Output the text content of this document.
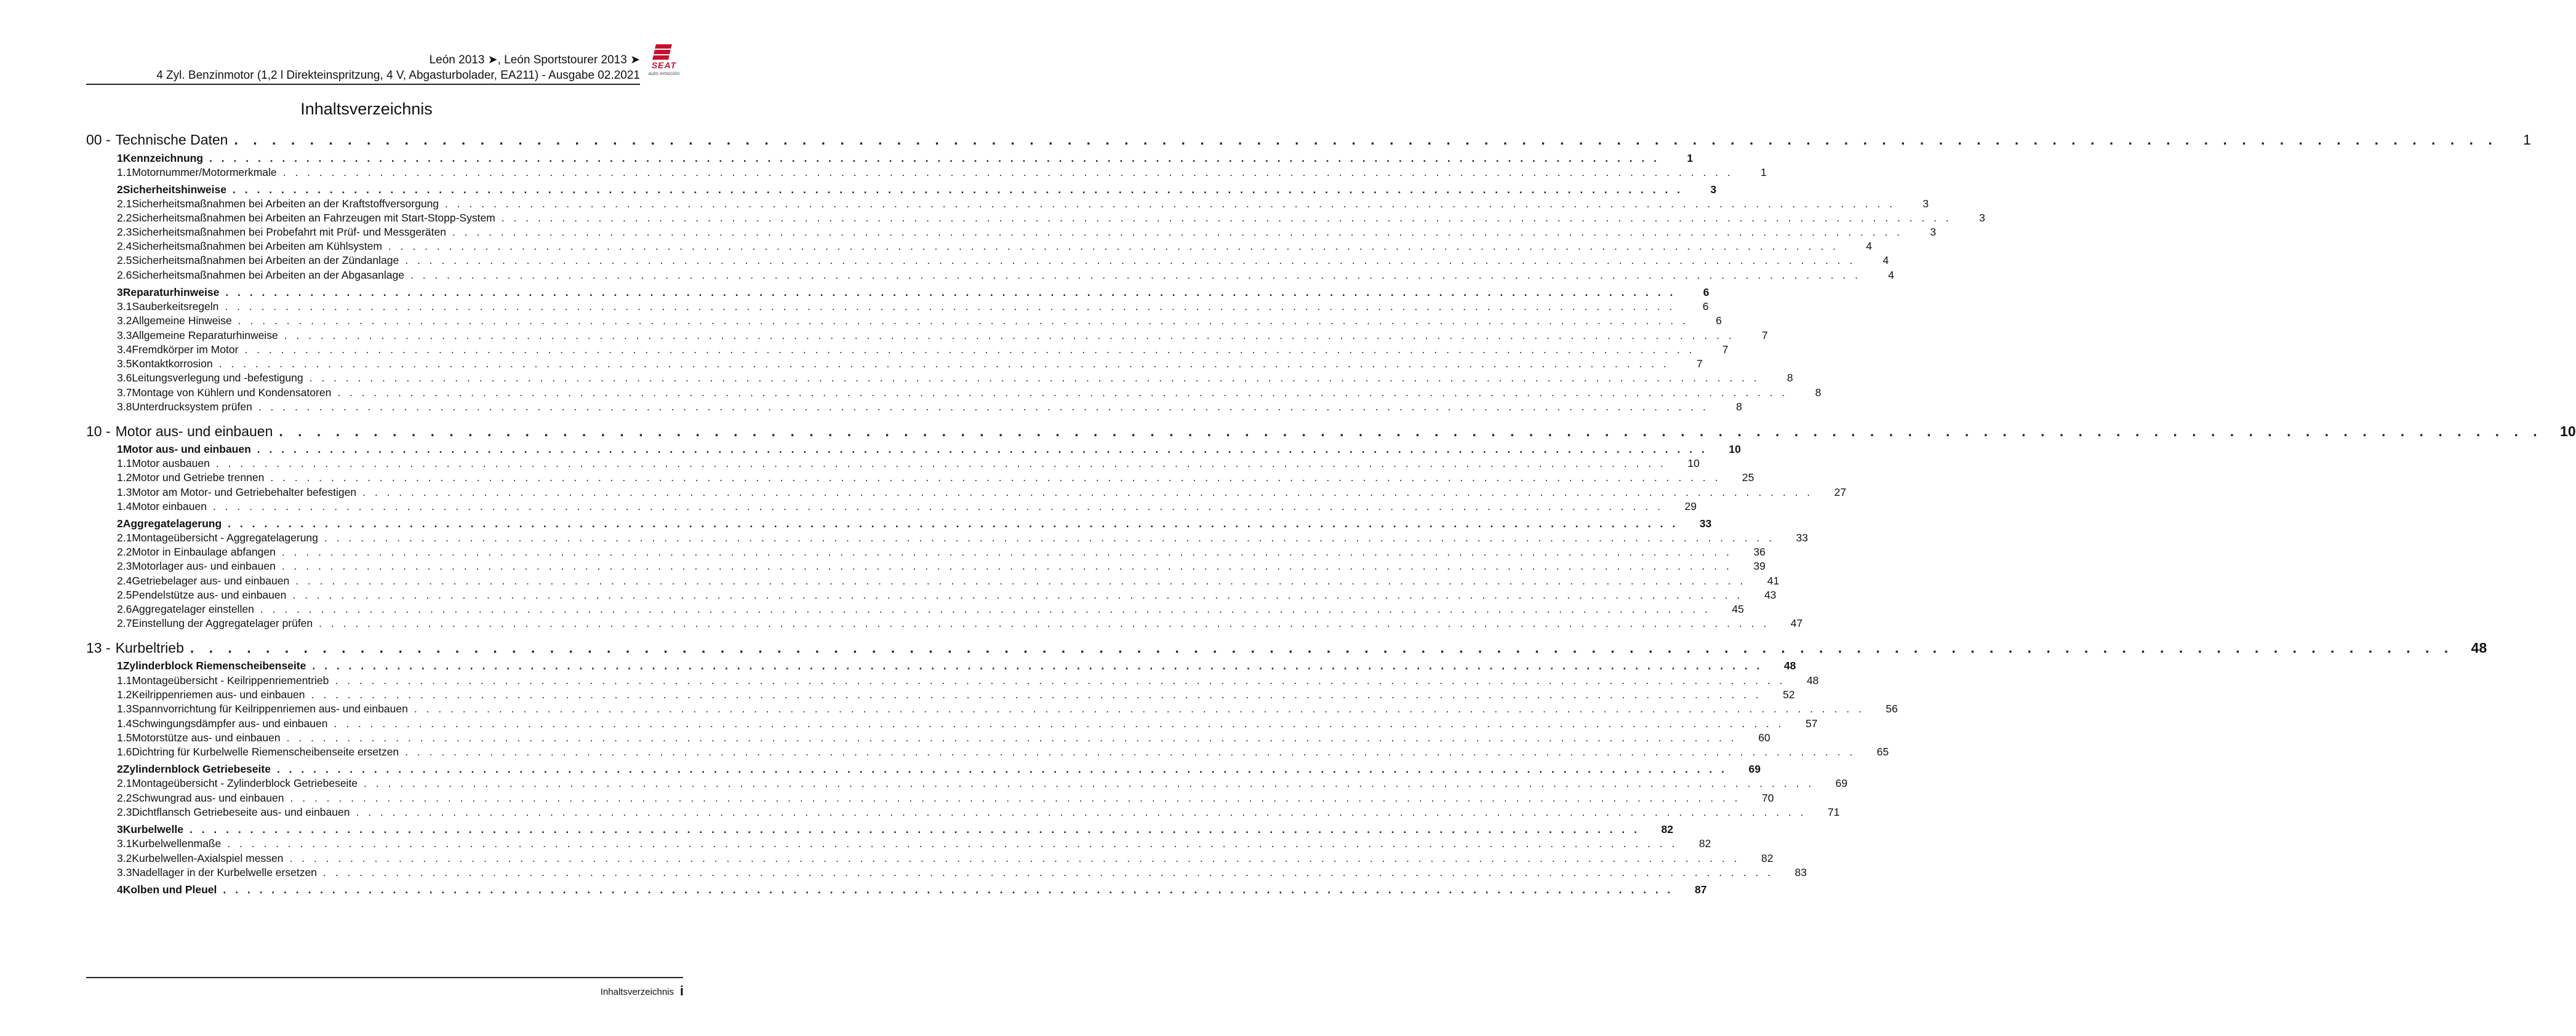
León 2013 ➤, León Sportstourer 2013 ➤
4 Zyl. Benzinmotor (1,2 l Direkteinspritzung, 4 V, Abgasturbolader, EA211) - Ausgabe 02.2021
SEAT
auto emoción
Inhaltsverzeichnis
00 - Technische Daten . . . . . . . . . . . . . . . . . . . . . . . . . . . . . . . . . . . . . . . . . . . . . . . . . . . . . . . . . . . . . . . . . . . . . . . . . . . . . . . . . . . . . . . . . . . . . . . . . . . . . . . . . . . . . . . . . . . . . . . .	1
1 Kennzeichnung . . . . . . . . . . . . . . . . . . . . . . . . . . . . . . . . . . . . . . . . . . . . . . . . . . . . . . . . . . . . . . . . . . . . . . . . . . . . . . . . . . . . . . . . . . . . . . . . . . . . . . . . . . . . . . . . . . . . . . . .	1
1.1 Motornummer/Motormerkmale . . . . . . . . . . . . . . . . . . . . . . . . . . . . . . . . . . . . . . . . . . . . . . . . . . . . . . . . . . . . . . . . . . . . . . . . . . . . . . . . . . . . . . . . . . . . . . . . . . . . . . . . . . . . . . . . . . . . . . . .	1
2 Sicherheitshinweise . . . . . . . . . . . . . . . . . . . . . . . . . . . . . . . . . . . . . . . . . . . . . . . . . . . . . . . . . . . . . . . . . . . . . . . . . . . . . . . . . . . . . . . . . . . . . . . . . . . . . . . . . . . . . . . . . . . . . . . .	3
2.1 Sicherheitsmaßnahmen bei Arbeiten an der Kraftstoffversorgung . . . . . . . . . . . . . . . . . . . . . . . . . . . . . . . . . . . . . . . . . . . . . . . . . . . . . . . . . . . . . . . . . . . . . . . . . . . . . . . . . . . . . . . . . . . . . . . . . . . . . . . . . . . . . . . . . . . . . . . .	3
2.2 Sicherheitsmaßnahmen bei Arbeiten an Fahrzeugen mit Start-Stopp-System . . . . . . . . . . . . . . . . . . . . . . . . . . . . . . . . . . . . . . . . . . . . . . . . . . . . . . . . . . . . . . . . . . . . . . . . . . . . . . . . . . . . . . . . . . . . . . . . . . . . . . . . . . . . . . . . . . . . . . . .	3
2.3 Sicherheitsmaßnahmen bei Probefahrt mit Prüf- und Messgeräten . . . . . . . . . . . . . . . . . . . . . . . . . . . . . . . . . . . . . . . . . . . . . . . . . . . . . . . . . . . . . . . . . . . . . . . . . . . . . . . . . . . . . . . . . . . . . . . . . . . . . . . . . . . . . . . . . . . . . . . .	3
2.4 Sicherheitsmaßnahmen bei Arbeiten am Kühlsystem . . . . . . . . . . . . . . . . . . . . . . . . . . . . . . . . . . . . . . . . . . . . . . . . . . . . . . . . . . . . . . . . . . . . . . . . . . . . . . . . . . . . . . . . . . . . . . . . . . . . . . . . . . . . . . . . . . . . . . . .	4
2.5 Sicherheitsmaßnahmen bei Arbeiten an der Zündanlage . . . . . . . . . . . . . . . . . . . . . . . . . . . . . . . . . . . . . . . . . . . . . . . . . . . . . . . . . . . . . . . . . . . . . . . . . . . . . . . . . . . . . . . . . . . . . . . . . . . . . . . . . . . . . . . . . . . . . . . .	4
2.6 Sicherheitsmaßnahmen bei Arbeiten an der Abgasanlage . . . . . . . . . . . . . . . . . . . . . . . . . . . . . . . . . . . . . . . . . . . . . . . . . . . . . . . . . . . . . . . . . . . . . . . . . . . . . . . . . . . . . . . . . . . . . . . . . . . . . . . . . . . . . . . . . . . . . . . .	4
3 Reparaturhinweise . . . . . . . . . . . . . . . . . . . . . . . . . . . . . . . . . . . . . . . . . . . . . . . . . . . . . . . . . . . . . . . . . . . . . . . . . . . . . . . . . . . . . . . . . . . . . . . . . . . . . . . . . . . . . . . . . . . . . . . .	6
3.1 Sauberkeitsregeln . . . . . . . . . . . . . . . . . . . . . . . . . . . . . . . . . . . . . . . . . . . . . . . . . . . . . . . . . . . . . . . . . . . . . . . . . . . . . . . . . . . . . . . . . . . . . . . . . . . . . . . . . . . . . . . . . . . . . . . .	6
3.2 Allgemeine Hinweise . . . . . . . . . . . . . . . . . . . . . . . . . . . . . . . . . . . . . . . . . . . . . . . . . . . . . . . . . . . . . . . . . . . . . . . . . . . . . . . . . . . . . . . . . . . . . . . . . . . . . . . . . . . . . . . . . . . . . . . .	6
3.3 Allgemeine Reparaturhinweise . . . . . . . . . . . . . . . . . . . . . . . . . . . . . . . . . . . . . . . . . . . . . . . . . . . . . . . . . . . . . . . . . . . . . . . . . . . . . . . . . . . . . . . . . . . . . . . . . . . . . . . . . . . . . . . . . . . . . . . .	7
3.4 Fremdkörper im Motor . . . . . . . . . . . . . . . . . . . . . . . . . . . . . . . . . . . . . . . . . . . . . . . . . . . . . . . . . . . . . . . . . . . . . . . . . . . . . . . . . . . . . . . . . . . . . . . . . . . . . . . . . . . . . . . . . . . . . . . .	7
3.5 Kontaktkorrosion . . . . . . . . . . . . . . . . . . . . . . . . . . . . . . . . . . . . . . . . . . . . . . . . . . . . . . . . . . . . . . . . . . . . . . . . . . . . . . . . . . . . . . . . . . . . . . . . . . . . . . . . . . . . . . . . . . . . . . . .	7
3.6 Leitungsverlegung und -befestigung . . . . . . . . . . . . . . . . . . . . . . . . . . . . . . . . . . . . . . . . . . . . . . . . . . . . . . . . . . . . . . . . . . . . . . . . . . . . . . . . . . . . . . . . . . . . . . . . . . . . . . . . . . . . . . . . . . . . . . . .	8
3.7 Montage von Kühlern und Kondensatoren . . . . . . . . . . . . . . . . . . . . . . . . . . . . . . . . . . . . . . . . . . . . . . . . . . . . . . . . . . . . . . . . . . . . . . . . . . . . . . . . . . . . . . . . . . . . . . . . . . . . . . . . . . . . . . . . . . . . . . . .	8
3.8 Unterdrucksystem prüfen . . . . . . . . . . . . . . . . . . . . . . . . . . . . . . . . . . . . . . . . . . . . . . . . . . . . . . . . . . . . . . . . . . . . . . . . . . . . . . . . . . . . . . . . . . . . . . . . . . . . . . . . . . . . . . . . . . . . . . . .	8
10 - Motor aus- und einbauen . . . . . . . . . . . . . . . . . . . . . . . . . . . . . . . . . . . . . . . . . . . . . . . . . . . . . . . . . . . . . . . . . . . . . . . . . . . . . . . . . . . . . . . . . . . . . . . . . . . . . . . . . . . . . . . . . . . . . . . .	10
1 Motor aus- und einbauen . . . . . . . . . . . . . . . . . . . . . . . . . . . . . . . . . . . . . . . . . . . . . . . . . . . . . . . . . . . . . . . . . . . . . . . . . . . . . . . . . . . . . . . . . . . . . . . . . . . . . . . . . . . . . . . . . . . . . . . .	10
1.1 Motor ausbauen . . . . . . . . . . . . . . . . . . . . . . . . . . . . . . . . . . . . . . . . . . . . . . . . . . . . . . . . . . . . . . . . . . . . . . . . . . . . . . . . . . . . . . . . . . . . . . . . . . . . . . . . . . . . . . . . . . . . . . . .	10
1.2 Motor und Getriebe trennen . . . . . . . . . . . . . . . . . . . . . . . . . . . . . . . . . . . . . . . . . . . . . . . . . . . . . . . . . . . . . . . . . . . . . . . . . . . . . . . . . . . . . . . . . . . . . . . . . . . . . . . . . . . . . . . . . . . . . . . .	25
1.3 Motor am Motor- und Getriebehalter befestigen . . . . . . . . . . . . . . . . . . . . . . . . . . . . . . . . . . . . . . . . . . . . . . . . . . . . . . . . . . . . . . . . . . . . . . . . . . . . . . . . . . . . . . . . . . . . . . . . . . . . . . . . . . . . . . . . . . . . . . . .	27
1.4 Motor einbauen . . . . . . . . . . . . . . . . . . . . . . . . . . . . . . . . . . . . . . . . . . . . . . . . . . . . . . . . . . . . . . . . . . . . . . . . . . . . . . . . . . . . . . . . . . . . . . . . . . . . . . . . . . . . . . . . . . . . . . . .	29
2 Aggregatelagerung . . . . . . . . . . . . . . . . . . . . . . . . . . . . . . . . . . . . . . . . . . . . . . . . . . . . . . . . . . . . . . . . . . . . . . . . . . . . . . . . . . . . . . . . . . . . . . . . . . . . . . . . . . . . . . . . . . . . . . . .	33
2.1 Montageübersicht - Aggregatelagerung . . . . . . . . . . . . . . . . . . . . . . . . . . . . . . . . . . . . . . . . . . . . . . . . . . . . . . . . . . . . . . . . . . . . . . . . . . . . . . . . . . . . . . . . . . . . . . . . . . . . . . . . . . . . . . . . . . . . . . . .	33
2.2 Motor in Einbaulage abfangen . . . . . . . . . . . . . . . . . . . . . . . . . . . . . . . . . . . . . . . . . . . . . . . . . . . . . . . . . . . . . . . . . . . . . . . . . . . . . . . . . . . . . . . . . . . . . . . . . . . . . . . . . . . . . . . . . . . . . . . .	36
2.3 Motorlager aus- und einbauen . . . . . . . . . . . . . . . . . . . . . . . . . . . . . . . . . . . . . . . . . . . . . . . . . . . . . . . . . . . . . . . . . . . . . . . . . . . . . . . . . . . . . . . . . . . . . . . . . . . . . . . . . . . . . . . . . . . . . . . .	39
2.4 Getriebelager aus- und einbauen . . . . . . . . . . . . . . . . . . . . . . . . . . . . . . . . . . . . . . . . . . . . . . . . . . . . . . . . . . . . . . . . . . . . . . . . . . . . . . . . . . . . . . . . . . . . . . . . . . . . . . . . . . . . . . . . . . . . . . . .	41
2.5 Pendelstütze aus- und einbauen . . . . . . . . . . . . . . . . . . . . . . . . . . . . . . . . . . . . . . . . . . . . . . . . . . . . . . . . . . . . . . . . . . . . . . . . . . . . . . . . . . . . . . . . . . . . . . . . . . . . . . . . . . . . . . . . . . . . . . . .	43
2.6 Aggregatelager einstellen . . . . . . . . . . . . . . . . . . . . . . . . . . . . . . . . . . . . . . . . . . . . . . . . . . . . . . . . . . . . . . . . . . . . . . . . . . . . . . . . . . . . . . . . . . . . . . . . . . . . . . . . . . . . . . . . . . . . . . . .	45
2.7 Einstellung der Aggregatelager prüfen . . . . . . . . . . . . . . . . . . . . . . . . . . . . . . . . . . . . . . . . . . . . . . . . . . . . . . . . . . . . . . . . . . . . . . . . . . . . . . . . . . . . . . . . . . . . . . . . . . . . . . . . . . . . . . . . . . . . . . . .	47
13 - Kurbeltrieb . . . . . . . . . . . . . . . . . . . . . . . . . . . . . . . . . . . . . . . . . . . . . . . . . . . . . . . . . . . . . . . . . . . . . . . . . . . . . . . . . . . . . . . . . . . . . . . . . . . . . . . . . . . . . . . . . . . . . . . .	48
1 Zylinderblock Riemenscheibenseite . . . . . . . . . . . . . . . . . . . . . . . . . . . . . . . . . . . . . . . . . . . . . . . . . . . . . . . . . . . . . . . . . . . . . . . . . . . . . . . . . . . . . . . . . . . . . . . . . . . . . . . . . . . . . . . . . . . . . . . .	48
1.1 Montageübersicht - Keilrippenriementrieb . . . . . . . . . . . . . . . . . . . . . . . . . . . . . . . . . . . . . . . . . . . . . . . . . . . . . . . . . . . . . . . . . . . . . . . . . . . . . . . . . . . . . . . . . . . . . . . . . . . . . . . . . . . . . . . . . . . . . . . .	48
1.2 Keilrippenriemen aus- und einbauen . . . . . . . . . . . . . . . . . . . . . . . . . . . . . . . . . . . . . . . . . . . . . . . . . . . . . . . . . . . . . . . . . . . . . . . . . . . . . . . . . . . . . . . . . . . . . . . . . . . . . . . . . . . . . . . . . . . . . . . .	52
1.3 Spannvorrichtung für Keilrippenriemen aus- und einbauen . . . . . . . . . . . . . . . . . . . . . . . . . . . . . . . . . . . . . . . . . . . . . . . . . . . . . . . . . . . . . . . . . . . . . . . . . . . . . . . . . . . . . . . . . . . . . . . . . . . . . . . . . . . . . . . . . . . . . . . .	56
1.4 Schwingungsdämpfer aus- und einbauen . . . . . . . . . . . . . . . . . . . . . . . . . . . . . . . . . . . . . . . . . . . . . . . . . . . . . . . . . . . . . . . . . . . . . . . . . . . . . . . . . . . . . . . . . . . . . . . . . . . . . . . . . . . . . . . . . . . . . . . .	57
1.5 Motorstütze aus- und einbauen . . . . . . . . . . . . . . . . . . . . . . . . . . . . . . . . . . . . . . . . . . . . . . . . . . . . . . . . . . . . . . . . . . . . . . . . . . . . . . . . . . . . . . . . . . . . . . . . . . . . . . . . . . . . . . . . . . . . . . . .	60
1.6 Dichtring für Kurbelwelle Riemenscheibenseite ersetzen . . . . . . . . . . . . . . . . . . . . . . . . . . . . . . . . . . . . . . . . . . . . . . . . . . . . . . . . . . . . . . . . . . . . . . . . . . . . . . . . . . . . . . . . . . . . . . . . . . . . . . . . . . . . . . . . . . . . . . . .	65
2 Zylindernblock Getriebeseite . . . . . . . . . . . . . . . . . . . . . . . . . . . . . . . . . . . . . . . . . . . . . . . . . . . . . . . . . . . . . . . . . . . . . . . . . . . . . . . . . . . . . . . . . . . . . . . . . . . . . . . . . . . . . . . . . . . . . . . .	69
2.1 Montageübersicht - Zylinderblock Getriebeseite . . . . . . . . . . . . . . . . . . . . . . . . . . . . . . . . . . . . . . . . . . . . . . . . . . . . . . . . . . . . . . . . . . . . . . . . . . . . . . . . . . . . . . . . . . . . . . . . . . . . . . . . . . . . . . . . . . . . . . . .	69
2.2 Schwungrad aus- und einbauen . . . . . . . . . . . . . . . . . . . . . . . . . . . . . . . . . . . . . . . . . . . . . . . . . . . . . . . . . . . . . . . . . . . . . . . . . . . . . . . . . . . . . . . . . . . . . . . . . . . . . . . . . . . . . . . . . . . . . . . .	70
2.3 Dichtflansch Getriebeseite aus- und einbauen . . . . . . . . . . . . . . . . . . . . . . . . . . . . . . . . . . . . . . . . . . . . . . . . . . . . . . . . . . . . . . . . . . . . . . . . . . . . . . . . . . . . . . . . . . . . . . . . . . . . . . . . . . . . . . . . . . . . . . . .	71
3 Kurbelwelle . . . . . . . . . . . . . . . . . . . . . . . . . . . . . . . . . . . . . . . . . . . . . . . . . . . . . . . . . . . . . . . . . . . . . . . . . . . . . . . . . . . . . . . . . . . . . . . . . . . . . . . . . . . . . . . . . . . . . . . .	82
3.1 Kurbelwellenmaße . . . . . . . . . . . . . . . . . . . . . . . . . . . . . . . . . . . . . . . . . . . . . . . . . . . . . . . . . . . . . . . . . . . . . . . . . . . . . . . . . . . . . . . . . . . . . . . . . . . . . . . . . . . . . . . . . . . . . . . .	82
3.2 Kurbelwellen-Axialspiel messen . . . . . . . . . . . . . . . . . . . . . . . . . . . . . . . . . . . . . . . . . . . . . . . . . . . . . . . . . . . . . . . . . . . . . . . . . . . . . . . . . . . . . . . . . . . . . . . . . . . . . . . . . . . . . . . . . . . . . . . .	82
3.3 Nadellager in der Kurbelwelle ersetzen . . . . . . . . . . . . . . . . . . . . . . . . . . . . . . . . . . . . . . . . . . . . . . . . . . . . . . . . . . . . . . . . . . . . . . . . . . . . . . . . . . . . . . . . . . . . . . . . . . . . . . . . . . . . . . . . . . . . . . . .	83
4 Kolben und Pleuel . . . . . . . . . . . . . . . . . . . . . . . . . . . . . . . . . . . . . . . . . . . . . . . . . . . . . . . . . . . . . . . . . . . . . . . . . . . . . . . . . . . . . . . . . . . . . . . . . . . . . . . . . . . . . . . . . . . . . . . .	87
Inhaltsverzeichnis i
